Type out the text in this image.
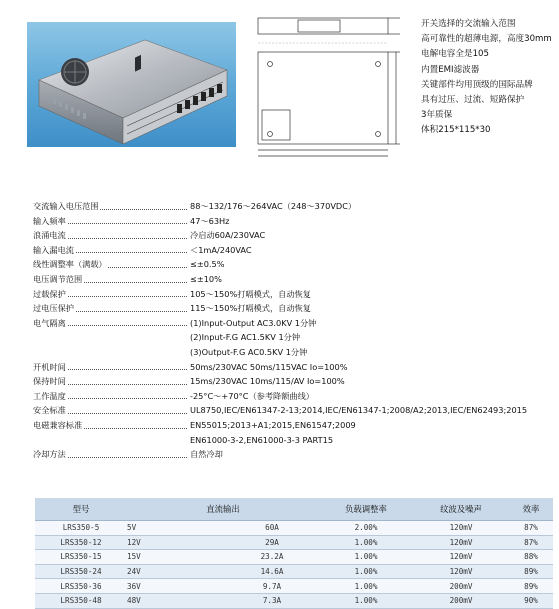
开关选择的交流输入范围
高可靠性的超薄电源，高度30mm
电解电容全是105
内置EMI滤波器
关键部件均用顶级的国际品牌
具有过压、过流、短路保护
3年质保
体积215*115*30
交流输入电压范围	88～132/176～264VAC（248～370VDC）
输入频率	47～63Hz
浪涌电流	冷启动60A/230VAC
输入漏电流	＜1mA/240VAC
线性调整率（满载）	≤±0.5%
电压调节范围	≤±10%
过载保护	105～150%打嗝模式，自动恢复
过电压保护	115～150%打嗝模式，自动恢复
电气隔离	(1)Input-Output AC3.0KV 1分钟
(2)Input-F.G AC1.5KV 1分钟
(3)Output-F.G AC0.5KV 1分钟
开机时间	50ms/230VAC 50ms/115VAC Io=100%
保持时间	15ms/230VAC 10ms/115/AV Io=100%
工作温度	-25°C～+70°C（参考降额曲线）
安全标准	UL8750,IEC/EN61347-2-13;2014,IEC/EN61347-1;2008/A2;2013,IEC/EN62493;2015
电磁兼容标准	EN55015;2013+A1;2015,EN61547;2009
EN61000-3-2,EN61000-3-3 PART15
冷却方法	自然冷却
型号	直流输出		负载调整率	纹波及噪声	效率
LRS350-5	5V	60A	2.00%	120mV	87%
LRS350-12	12V	29A	1.00%	120mV	87%
LRS350-15	15V	23.2A	1.00%	120mV	88%
LRS350-24	24V	14.6A	1.00%	120mV	89%
LRS350-36	36V	9.7A	1.00%	200mV	89%
LRS350-48	48V	7.3A	1.00%	200mV	90%
